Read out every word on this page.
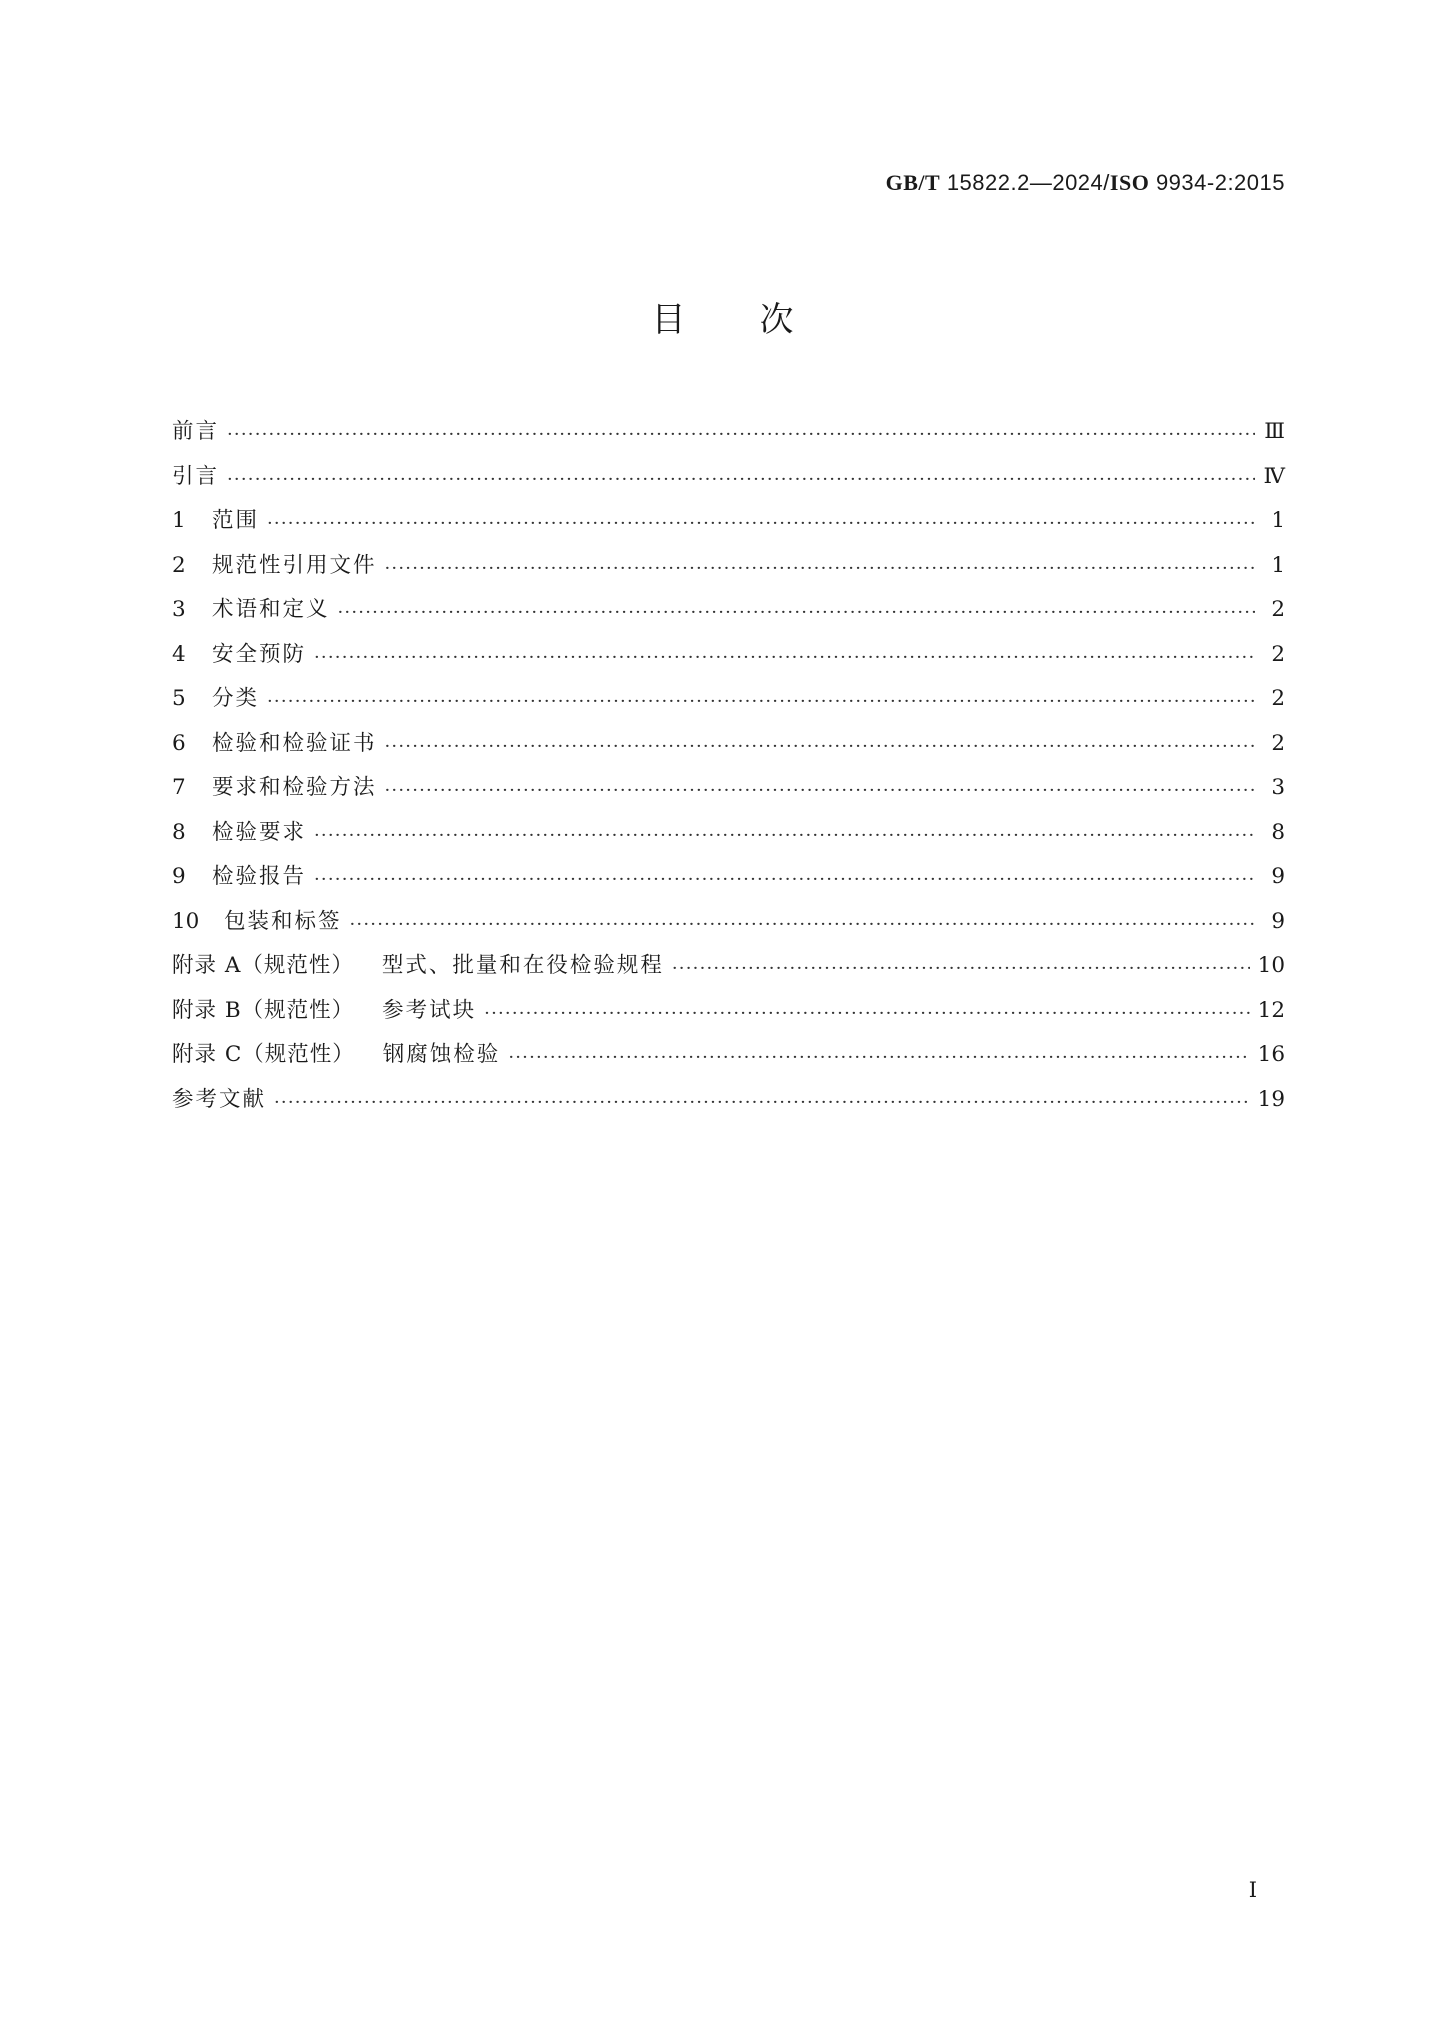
GB/T 15822.2—2024/ISO 9934-2:2015
目次
前言 ·····	Ⅲ
引言 ·····	Ⅳ
1	范围 ·····	1
2	规范性引用文件 ·····	1
3	术语和定义 ·····	2
4	安全预防 ·····	2
5	分类 ·····	2
6	检验和检验证书 ·····	2
7	要求和检验方法 ·····	3
8	检验要求 ·····	8
9	检验报告 ·····	9
10	包装和标签 ·····	9
附录 A（规范性） 型式、批量和在役检验规程 ·····	10
附录 B（规范性） 参考试块 ·····	12
附录 C（规范性） 钢腐蚀检验 ·····	16
参考文献 ·····	19
Ⅰ
